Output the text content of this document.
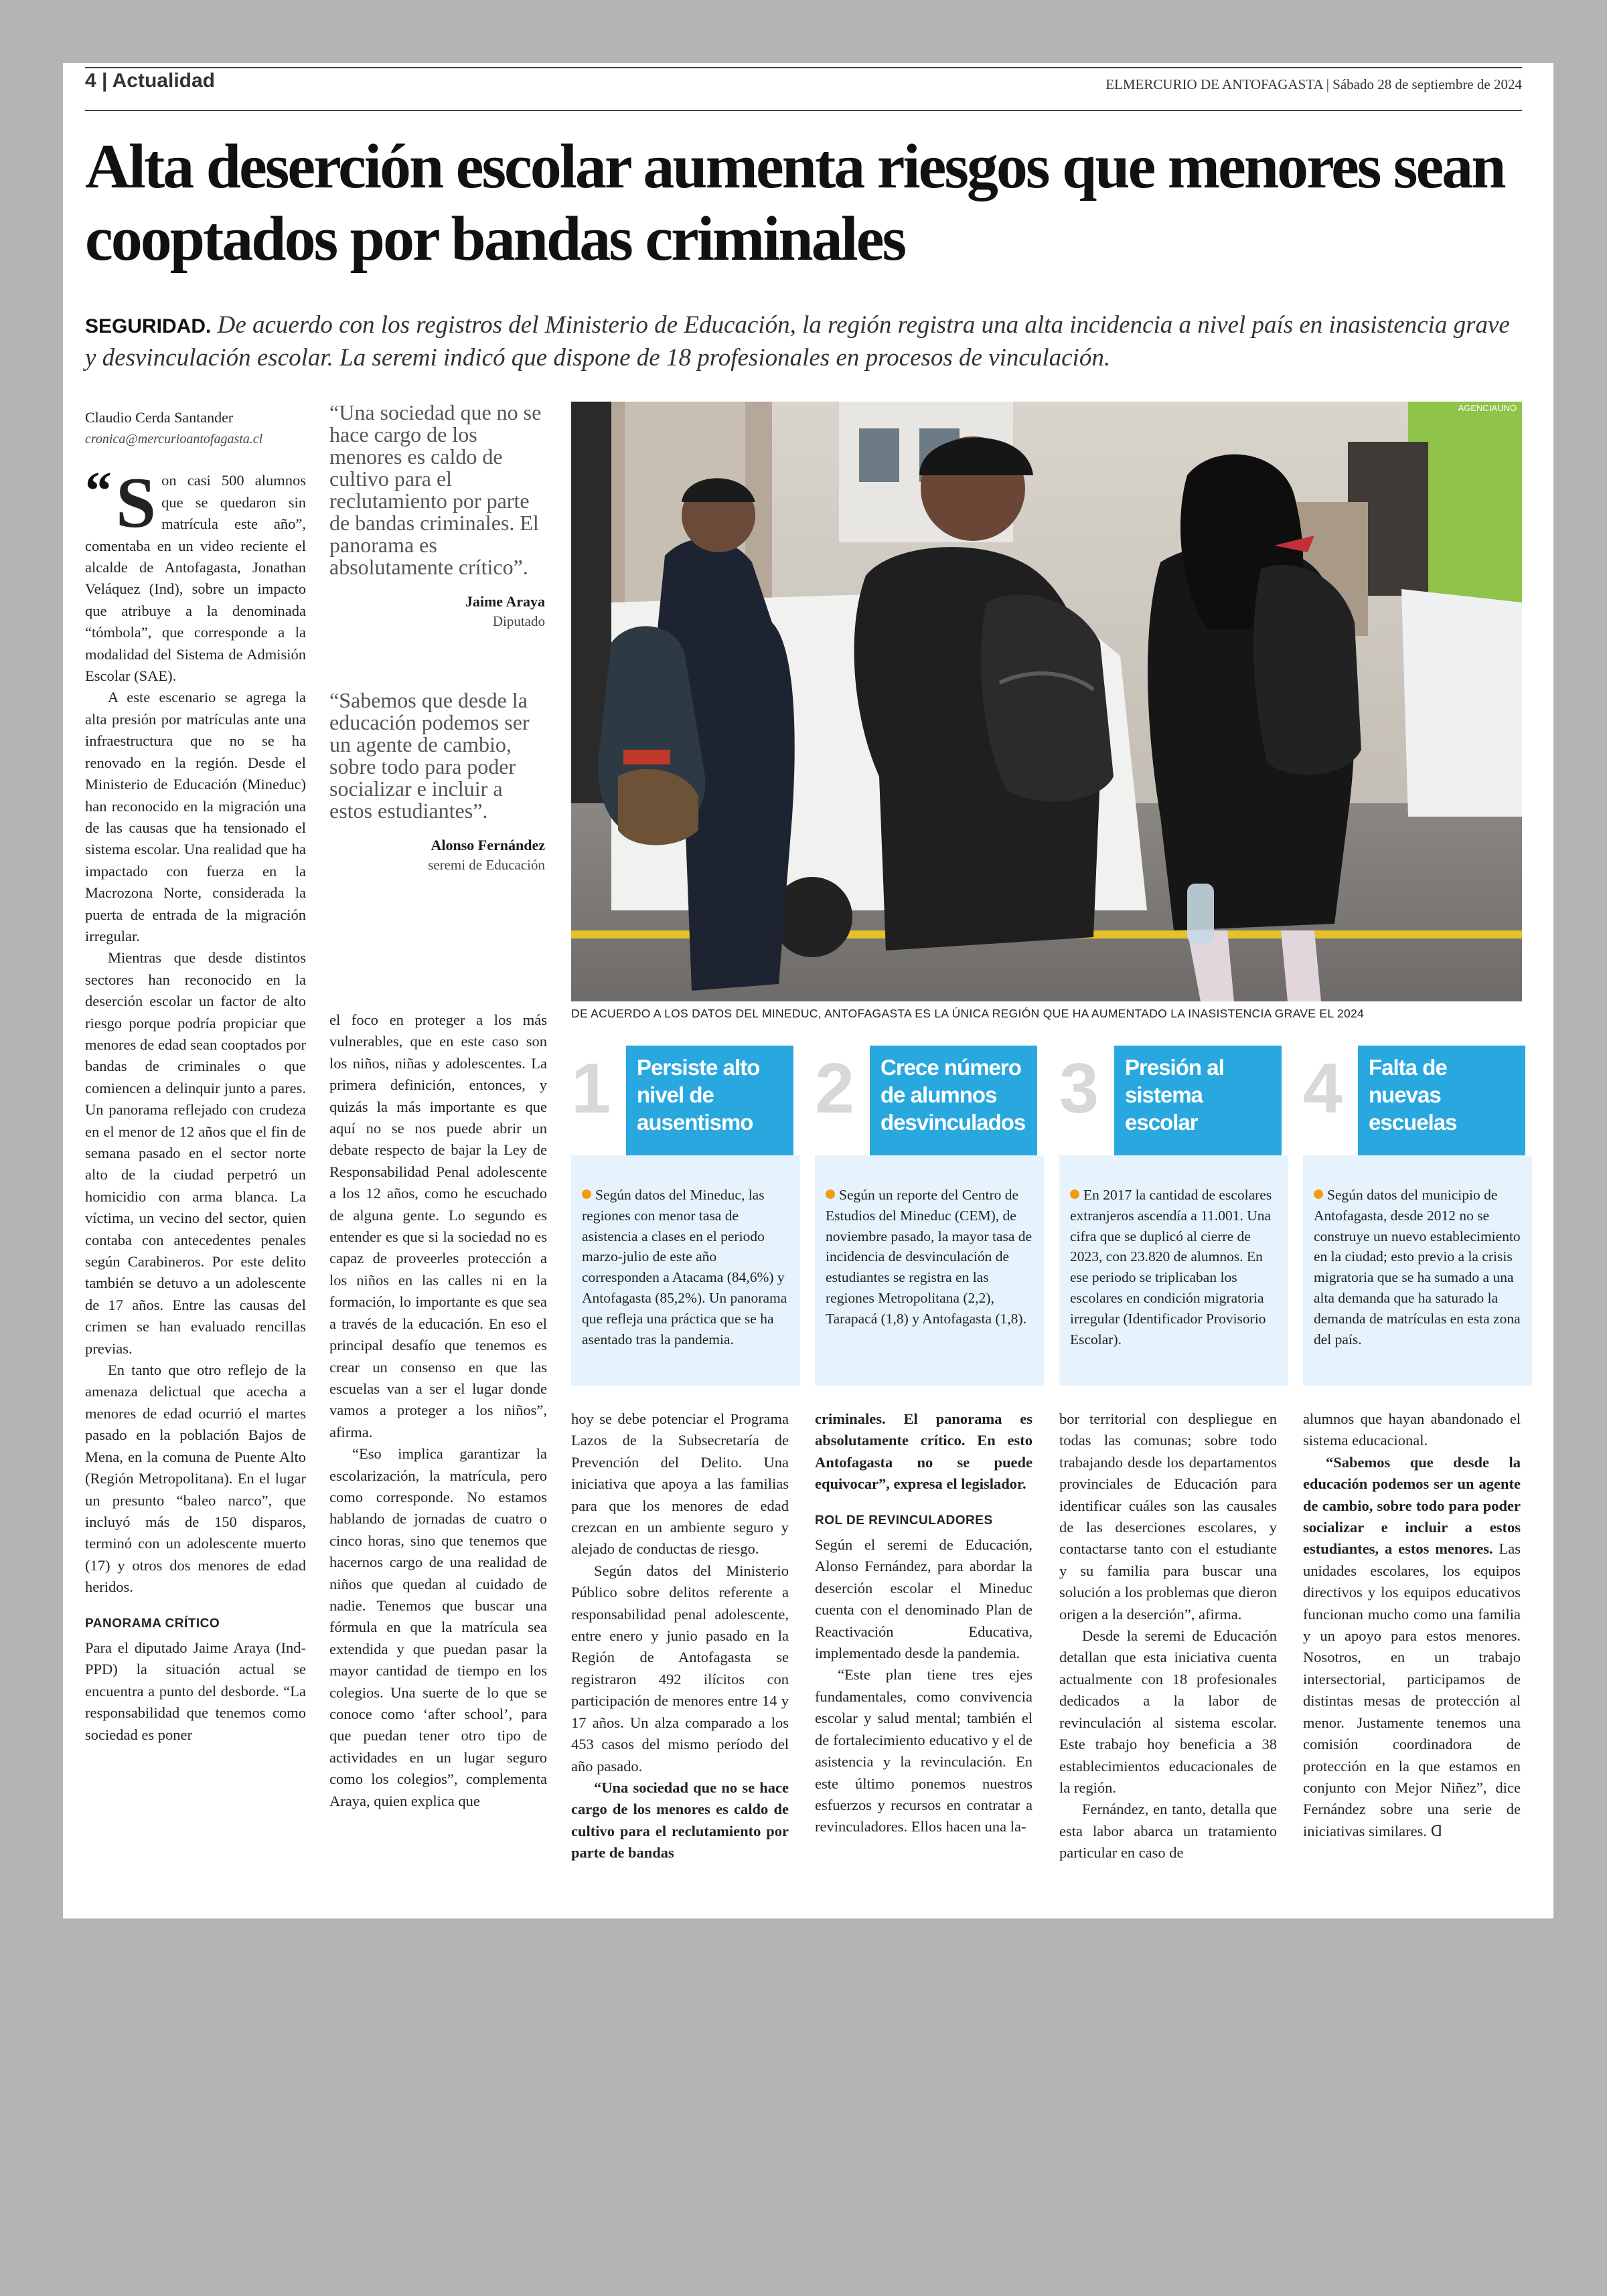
4 | Actualidad	ELMERCURIO DE ANTOFAGASTA | Sábado 28 de septiembre de 2024
Alta deserción escolar aumenta riesgos que menores sean cooptados por bandas criminales
SEGURIDAD. De acuerdo con los registros del Ministerio de Educación, la región registra una alta incidencia a nivel país en inasistencia grave y desvinculación escolar. La seremi indicó que dispone de 18 profesionales en procesos de vinculación.
Claudio Cerda Santander
cronica@mercurioantofagasta.cl

“ S on casi 500 alumnos que se quedaron sin matrícula este año”, comentaba en un video reciente el alcalde de Antofagasta, Jonathan Veláquez (Ind), sobre un impacto que atribuye a la denominada “tómbola”, que corresponde a la modalidad del Sistema de Admisión Escolar (SAE).

A este escenario se agrega la alta presión por matrículas ante una infraestructura que no se ha renovado en la región. Desde el Ministerio de Educación (Mineduc) han reconocido en la migración una de las causas que ha tensionado el sistema escolar. Una realidad que ha impactado con fuerza en la Macrozona Norte, considerada la puerta de entrada de la migración irregular.

Mientras que desde distintos sectores han reconocido en la deserción escolar un factor de alto riesgo porque podría propiciar que menores de edad sean cooptados por bandas de criminales o que comiencen a delinquir junto a pares. Un panorama reflejado con crudeza en el menor de 12 años que el fin de semana pasado en el sector norte alto de la ciudad perpetró un homicidio con arma blanca. La víctima, un vecino del sector, quien contaba con antecedentes penales según Carabineros. Por este delito también se detuvo a un adolescente de 17 años. Entre las causas del crimen se han evaluado rencillas previas.

En tanto que otro reflejo de la amenaza delictual que acecha a menores de edad ocurrió el martes pasado en la población Bajos de Mena, en la comuna de Puente Alto (Región Metropolitana). En el lugar un presunto “baleo narco”, que incluyó más de 150 disparos, terminó con un adolescente muerto (17) y otros dos menores de edad heridos.

PANORAMA CRÍTICO

Para el diputado Jaime Araya (Ind-PPD) la situación actual se encuentra a punto del desborde. “La responsabilidad que tenemos como sociedad es poner

“Una sociedad que no se hace cargo de los menores es caldo de cultivo para el reclutamiento por parte de bandas criminales. El panorama es absolutamente crítico”.
Jaime Araya
Diputado
“Sabemos que desde la educación podemos ser un agente de cambio, sobre todo para poder socializar e incluir a estos estudiantes”.
Alonso Fernández
seremi de Educación

el foco en proteger a los más vulnerables, que en este caso son los niños, niñas y adolescentes. La primera definición, entonces, y quizás la más importante es que aquí no se nos puede abrir un debate respecto de bajar la Ley de Responsabilidad Penal adolescente a los 12 años, como he escuchado de alguna gente. Lo segundo es entender es que si la sociedad no es capaz de proveerles protección a los niños en las calles ni en la formación, lo importante es que sea a través de la educación. En eso el principal desafío que tenemos es crear un consenso en que las escuelas van a ser el lugar donde vamos a proteger a los niños”, afirma.

“Eso implica garantizar la escolarización, la matrícula, pero como corresponde. No estamos hablando de jornadas de cuatro o cinco horas, sino que tenemos que hacernos cargo de una realidad de niños que quedan al cuidado de nadie. Tenemos que buscar una fórmula en que la matrícula sea extendida y que puedan pasar la mayor cantidad de tiempo en los colegios. Una suerte de lo que se conoce como ‘after school’, para que puedan tener otro tipo de actividades en un lugar seguro como los colegios”, complementa Araya, quien explica que

AGENCIAUNO
DE ACUERDO A LOS DATOS DEL MINEDUC, ANTOFAGASTA ES LA ÚNICA REGIÓN QUE HA AUMENTADO LA INASISTENCIA GRAVE EL 2024
1	Persiste alto nivel de ausentismo
Según datos del Mineduc, las regiones con menor tasa de asistencia a clases en el periodo marzo-julio de este año corresponden a Atacama (84,6%) y Antofagasta (85,2%). Un panorama que refleja una práctica que se ha asentado tras la pandemia.
2	Crece número de alumnos desvinculados
Según un reporte del Centro de Estudios del Mineduc (CEM), de noviembre pasado, la mayor tasa de incidencia de desvinculación de estudiantes se registra en las regiones Metropolitana (2,2), Tarapacá (1,8) y Antofagasta (1,8).
3	Presión al sistema escolar
En 2017 la cantidad de escolares extranjeros ascendía a 11.001. Una cifra que se duplicó al cierre de 2023, con 23.820 de alumnos. En ese periodo se triplicaban los escolares en condición migratoria irregular (Identificador Provisorio Escolar).
4	Falta de nuevas escuelas
Según datos del municipio de Antofagasta, desde 2012 no se construye un nuevo establecimiento en la ciudad; esto previo a la crisis migratoria que se ha sumado a una alta demanda que ha saturado la demanda de matrículas en esta zona del país.

hoy se debe potenciar el Programa Lazos de la Subsecretaría de Prevención del Delito. Una iniciativa que apoya a las familias para que los menores de edad crezcan en un ambiente seguro y alejado de conductas de riesgo.

Según datos del Ministerio Público sobre delitos referente a responsabilidad penal adolescente, entre enero y junio pasado en la Región de Antofagasta se registraron 492 ilícitos con participación de menores entre 14 y 17 años. Un alza comparado a los 453 casos del mismo período del año pasado.

“Una sociedad que no se hace cargo de los menores es caldo de cultivo para el reclutamiento por parte de bandas

criminales. El panorama es absolutamente crítico. En esto Antofagasta no se puede equivocar”, expresa el legislador.

ROL DE REVINCULADORES

Según el seremi de Educación, Alonso Fernández, para abordar la deserción escolar el Mineduc cuenta con el denominado Plan de Reactivación Educativa, implementado desde la pandemia.

“Este plan tiene tres ejes fundamentales, como convivencia escolar y salud mental; también el de fortalecimiento educativo y el de asistencia y la revinculación. En este último ponemos nuestros esfuerzos y recursos en contratar a revinculadores. Ellos hacen una la-

bor territorial con despliegue en todas las comunas; sobre todo trabajando desde los departamentos provinciales de Educación para identificar cuáles son las causales de las deserciones escolares, y contactarse tanto con el estudiante y su familia para buscar una solución a los problemas que dieron origen a la deserción”, afirma.

Desde la seremi de Educación detallan que esta iniciativa cuenta actualmente con 18 profesionales dedicados a la labor de revinculación al sistema escolar. Este trabajo hoy beneficia a 38 establecimientos educacionales de la región.

Fernández, en tanto, detalla que esta labor abarca un tratamiento particular en caso de

alumnos que hayan abandonado el sistema educacional.

“Sabemos que desde la educación podemos ser un agente de cambio, sobre todo para poder socializar e incluir a estos estudiantes, a estos menores. Las unidades escolares, los equipos directivos y los equipos educativos funcionan mucho como una familia y un apoyo para estos menores. Nosotros, en un trabajo intersectorial, participamos de distintas mesas de protección al menor. Justamente tenemos una comisión coordinadora de protección en la que estamos en conjunto con Mejor Niñez”, dice Fernández sobre una serie de iniciativas similares. ᗡ
